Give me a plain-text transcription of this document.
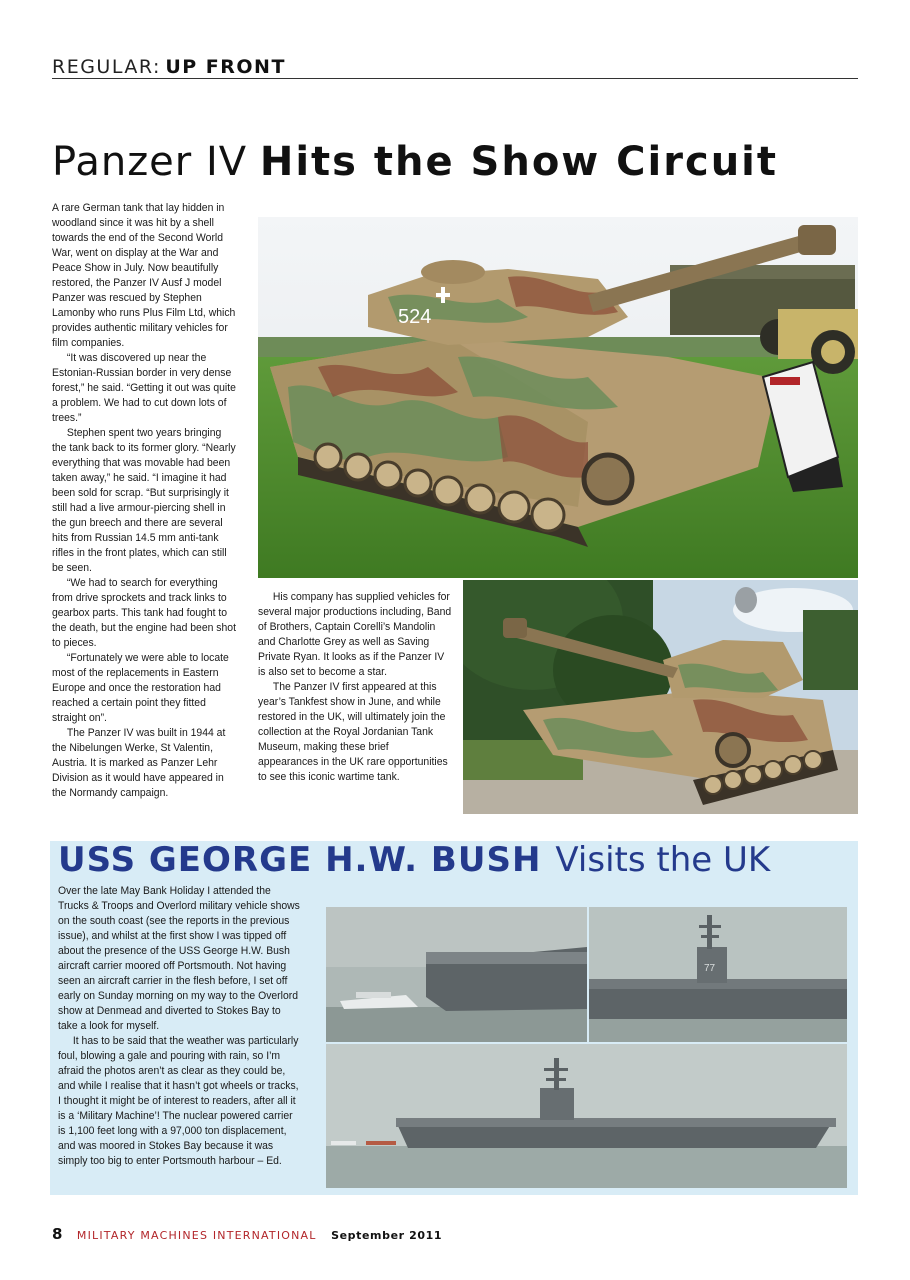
REGULAR: UP FRONT
Panzer IV Hits the Show Circuit

A rare German tank that lay hidden in woodland since it was hit by a shell towards the end of the Second World War, went on display at the War and Peace Show in July. Now beautifully restored, the Panzer IV Ausf J model Panzer was rescued by Stephen Lamonby who runs Plus Film Ltd, which provides authentic military vehicles for film companies.

“It was discovered up near the Estonian-Russian border in very dense forest,” he said. “Getting it out was quite a problem. We had to cut down lots of trees.”

Stephen spent two years bringing the tank back to its former glory. “Nearly everything that was movable had been taken away,” he said. “I imagine it had been sold for scrap. “But surprisingly it still had a live armour-piercing shell in the gun breech and there are several hits from Russian 14.5 mm anti-tank rifles in the front plates, which can still be seen.

“We had to search for everything from drive sprockets and track links to gearbox parts. This tank had fought to the death, but the engine had been shot to pieces.

“Fortunately we were able to locate most of the replacements in Eastern Europe and once the restoration had reached a certain point they fitted straight on”.

The Panzer IV was built in 1944 at the Nibelungen Werke, St Valentin, Austria. It is marked as Panzer Lehr Division as it would have appeared in the Normandy campaign.

His company has supplied vehicles for several major productions including, Band of Brothers, Captain Corelli’s Mandolin and Charlotte Grey as well as Saving Private Ryan. It looks as if the Panzer IV is also set to become a star.

The Panzer IV first appeared at this year’s Tankfest show in June, and while restored in the UK, will ultimately join the collection at the Royal Jordanian Tank Museum, making these brief appearances in the UK rare opportunities to see this iconic wartime tank.

524
USS GEORGE H.W. BUSH Visits the UK

Over the late May Bank Holiday I attended the Trucks & Troops and Overlord military vehicle shows on the south coast (see the reports in the previous issue), and whilst at the first show I was tipped off about the presence of the USS George H.W. Bush aircraft carrier moored off Portsmouth. Not having seen an aircraft carrier in the flesh before, I set off early on Sunday morning on my way to the Overlord show at Denmead and diverted to Stokes Bay to take a look for myself.

It has to be said that the weather was particularly foul, blowing a gale and pouring with rain, so I’m afraid the photos aren’t as clear as they could be, and while I realise that it hasn’t got wheels or tracks, I thought it might be of interest to readers, after all it is a ‘Military Machine’! The nuclear powered carrier is 1,100 feet long with a 97,000 ton displacement, and was moored in Stokes Bay because it was simply too big to enter Portsmouth harbour – Ed.

77
8 MILITARY MACHINES INTERNATIONAL September 2011
